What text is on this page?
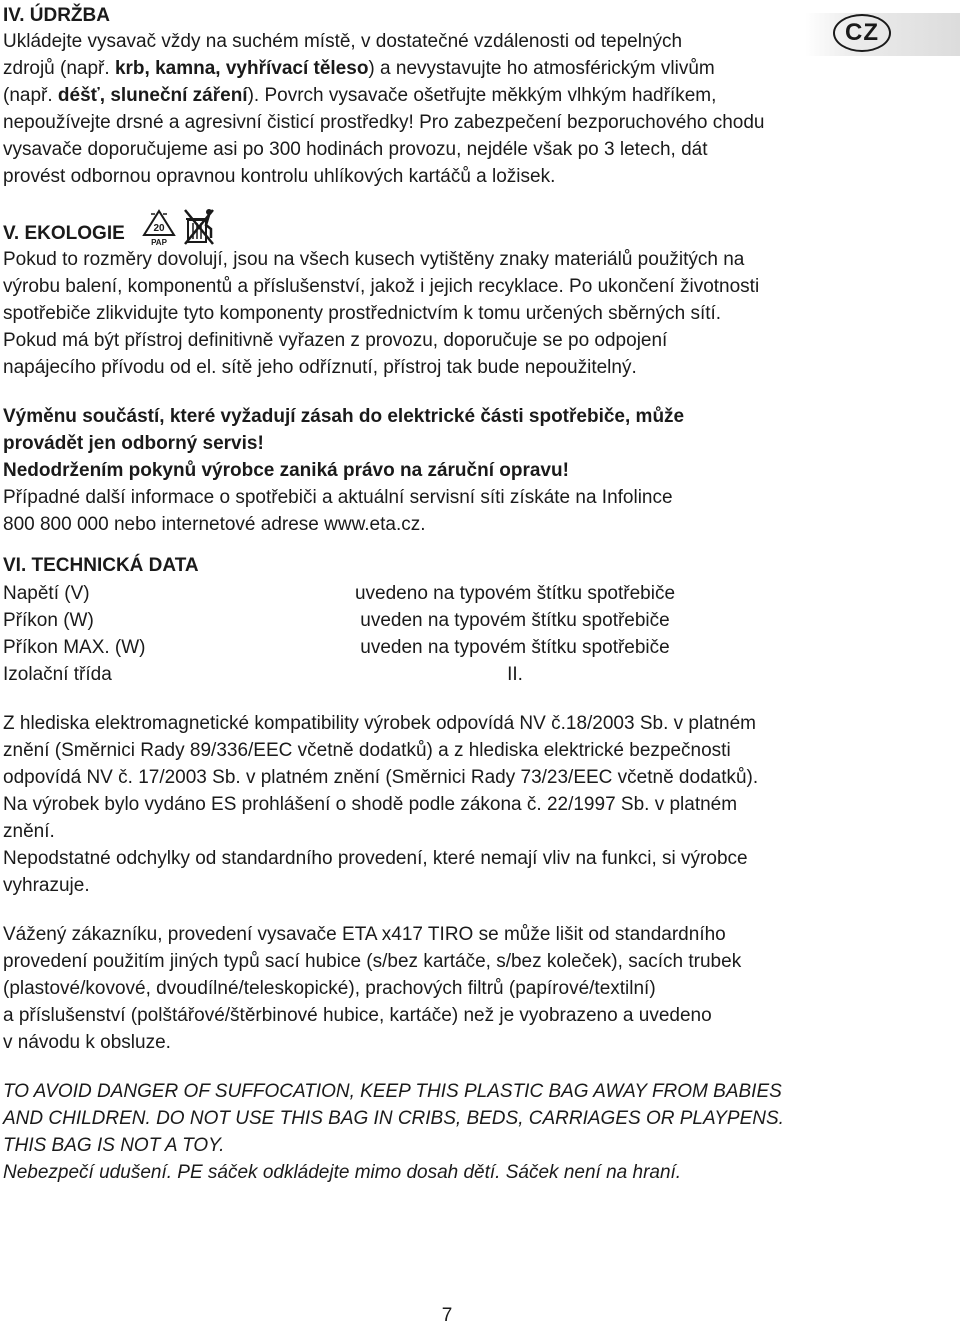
CZ
IV. ÚDRŽBA

Ukládejte vysavač vždy na suchém místě, v dostatečné vzdálenosti od tepelných

zdrojů (např. krb, kamna, vyhřívací těleso) a nevystavujte ho atmosférickým vlivům

(např. déšť, sluneční záření). Povrch vysavače ošetřujte měkkým vlhkým hadříkem,

nepoužívejte drsné a agresivní čisticí prostředky! Pro zabezpečení bezporuchového chodu

vysavače doporučujeme asi po 300 hodinách provozu, nejdéle však po 3 letech, dát

provést odbornou opravnou kontrolu uhlíkových kartáčů a ložisek.

V. EKOLOGIE	20
PAP

Pokud to rozměry dovolují, jsou na všech kusech vytištěny znaky materiálů použitých na

výrobu balení, komponentů a příslušenství, jakož i jejich recyklace. Po ukončení životnosti

spotřebiče zlikvidujte tyto komponenty prostřednictvím k tomu určených sběrných sítí.

Pokud má být přístroj definitivně vyřazen z provozu, doporučuje se po odpojení

napájecího přívodu od el. sítě jeho odříznutí, přístroj tak bude nepoužitelný.

Výměnu součástí, které vyžadují zásah do elektrické části spotřebiče, může

provádět jen odborný servis!

Nedodržením pokynů výrobce zaniká právo na záruční opravu!

Případné další informace o spotřebiči a aktuální servisní síti získáte na Infolince

800 800 000 nebo internetové adrese www.eta.cz.

VI. TECHNICKÁ DATA
Napětí (V)	uvedeno na typovém štítku spotřebiče
Příkon (W)	uveden na typovém štítku spotřebiče
Příkon MAX. (W)	uveden na typovém štítku spotřebiče
Izolační třída	II.

Z hlediska elektromagnetické kompatibility výrobek odpovídá NV č.18/2003 Sb. v platném

znění (Směrnici Rady 89/336/EEC včetně dodatků) a z hlediska elektrické bezpečnosti

odpovídá NV č. 17/2003 Sb. v platném znění (Směrnici Rady 73/23/EEC včetně dodatků).

Na výrobek bylo vydáno ES prohlášení o shodě podle zákona č. 22/1997 Sb. v platném

znění.

Nepodstatné odchylky od standardního provedení, které nemají vliv na funkci, si výrobce

vyhrazuje.

Vážený zákazníku, provedení vysavače ETA x417 TIRO se může lišit od standardního

provedení použitím jiných typů sací hubice (s/bez kartáče, s/bez koleček), sacích trubek

(plastové/kovové, dvoudílné/teleskopické), prachových filtrů (papírové/textilní)

a příslušenství (polštářové/štěrbinové hubice, kartáče) než je vyobrazeno a uvedeno

v návodu k obsluze.

TO AVOID DANGER OF SUFFOCATION, KEEP THIS PLASTIC BAG AWAY FROM BABIES

AND CHILDREN. DO NOT USE THIS BAG IN CRIBS, BEDS, CARRIAGES OR PLAYPENS.

THIS BAG IS NOT A TOY.

Nebezpečí udušení. PE sáček odkládejte mimo dosah dětí. Sáček není na hraní.

7
